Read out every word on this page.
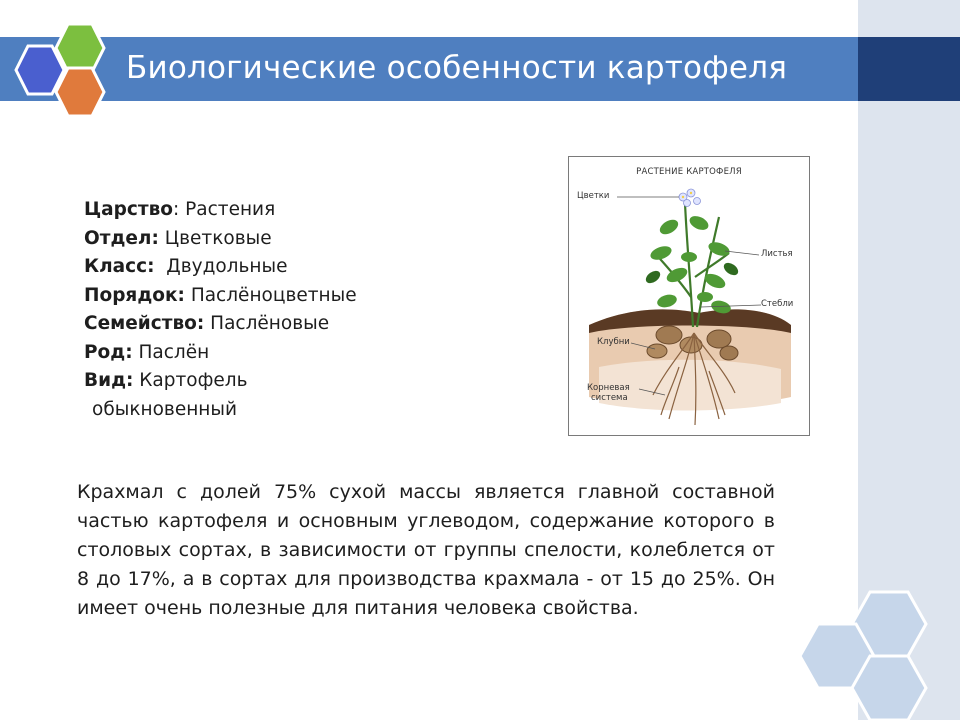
Биологические особенности картофеля
Царство: Растения
Отдел: Цветковые
Класс: Двудольные
Порядок: Паслёноцветные
Семейство: Паслёновые
Род: Паслён
Вид: Картофель
обыкновенный
РАСТЕНИЕ КАРТОФЕЛЯ
Цветки
Листья
Стебли
Клубни
Корневая
система
Крахмал с долей 75% сухой массы является главной составной частью картофеля и основным углеводом, содержание которого в столовых сортах, в зависимости от группы спелости, колеблется от 8 до 17%, а в сортах для производства крахмала - от 15 до 25%. Он имеет очень полезные для питания человека свойства.
